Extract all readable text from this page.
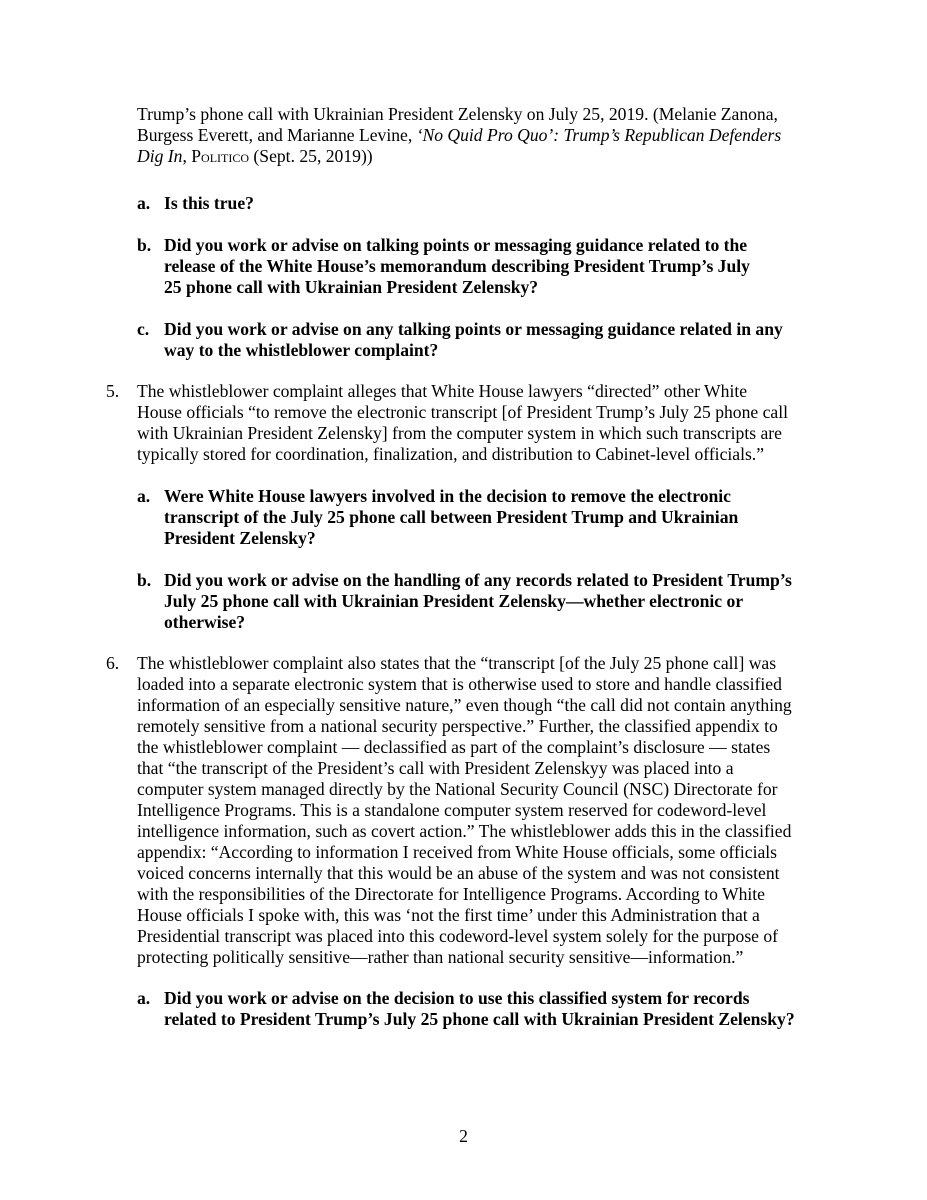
Trump’s phone call with Ukrainian President Zelensky on July 25, 2019. (Melanie Zanona,
Burgess Everett, and Marianne Levine, ‘No Quid Pro Quo’: Trump’s Republican Defenders
Dig In, Politico (Sept. 25, 2019))

a. Is this true?
b. Did you work or advise on talking points or messaging guidance related to the
release of the White House’s memorandum describing President Trump’s July
25 phone call with Ukrainian President Zelensky?
c. Did you work or advise on any talking points or messaging guidance related in any
way to the whistleblower complaint?
5. The whistleblower complaint alleges that White House lawyers “directed” other White
House officials “to remove the electronic transcript [of President Trump’s July 25 phone call
with Ukrainian President Zelensky] from the computer system in which such transcripts are
typically stored for coordination, finalization, and distribution to Cabinet-level officials.”

a. Were White House lawyers involved in the decision to remove the electronic
transcript of the July 25 phone call between President Trump and Ukrainian
President Zelensky?
b. Did you work or advise on the handling of any records related to President Trump’s
July 25 phone call with Ukrainian President Zelensky—whether electronic or
otherwise?
6. The whistleblower complaint also states that the “transcript [of the July 25 phone call] was
loaded into a separate electronic system that is otherwise used to store and handle classified
information of an especially sensitive nature,” even though “the call did not contain anything
remotely sensitive from a national security perspective.” Further, the classified appendix to
the whistleblower complaint — declassified as part of the complaint’s disclosure — states
that “the transcript of the President’s call with President Zelenskyy was placed into a
computer system managed directly by the National Security Council (NSC) Directorate for
Intelligence Programs. This is a standalone computer system reserved for codeword-level
intelligence information, such as covert action.” The whistleblower adds this in the classified
appendix: “According to information I received from White House officials, some officials
voiced concerns internally that this would be an abuse of the system and was not consistent
with the responsibilities of the Directorate for Intelligence Programs. According to White
House officials I spoke with, this was ‘not the first time’ under this Administration that a
Presidential transcript was placed into this codeword-level system solely for the purpose of
protecting politically sensitive—rather than national security sensitive—information.”

a. Did you work or advise on the decision to use this classified system for records
related to President Trump’s July 25 phone call with Ukrainian President Zelensky?
2
